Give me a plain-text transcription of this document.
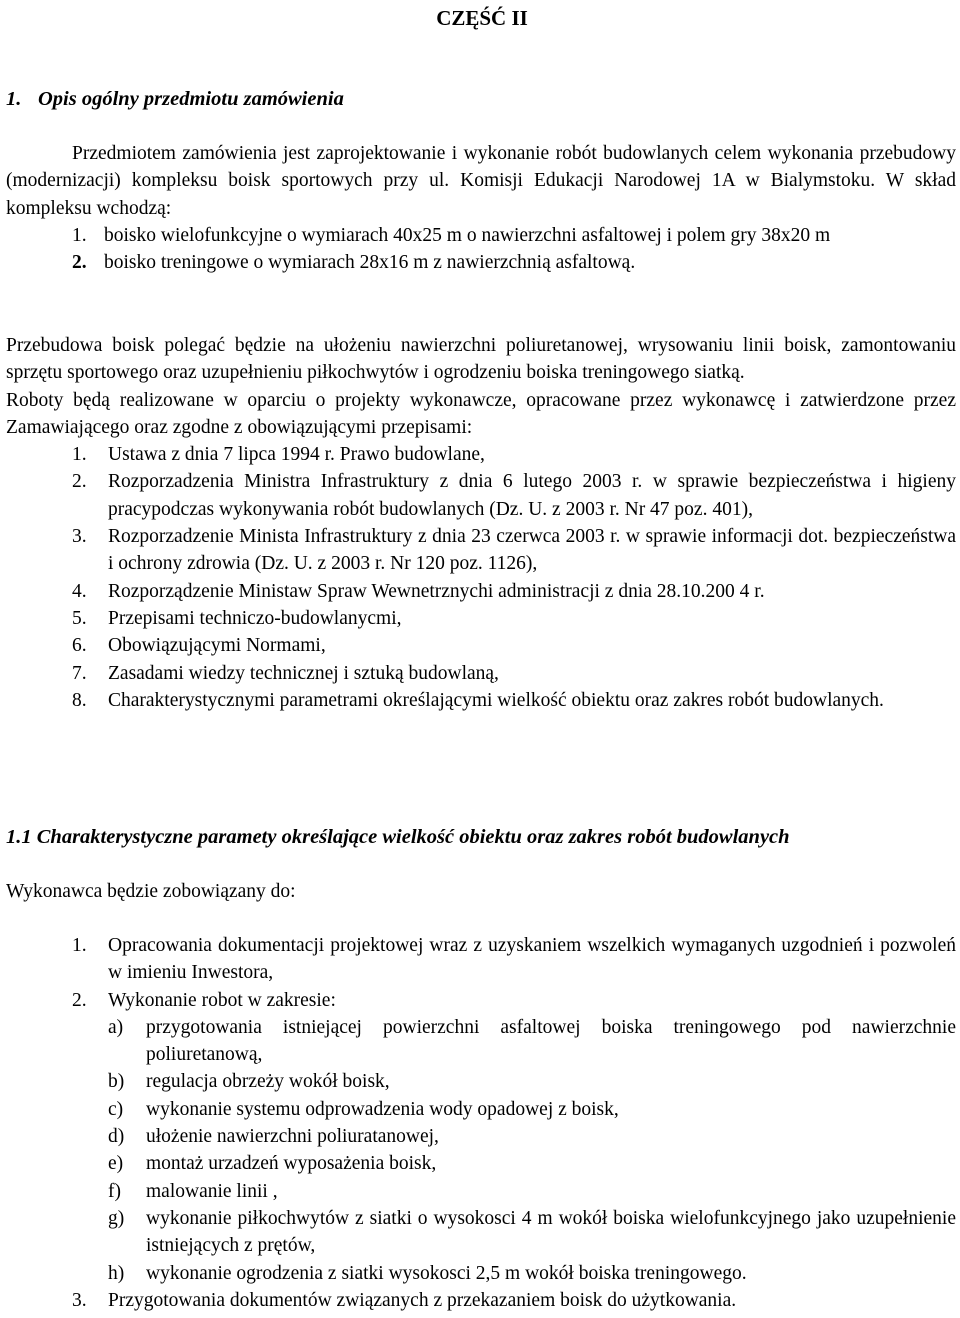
CZĘŚĆ II
1. Opis ogólny przedmiotu zamówienia

Przedmiotem zamówienia jest zaprojektowanie i wykonanie robót budowlanych celem wykonania przebudowy (modernizacji) kompleksu boisk sportowych przy ul. Komisji Edukacji Narodowej 1A w Bialymstoku. W skład kompleksu wchodzą:

1. boisko wielofunkcyjne o wymiarach 40x25 m o nawierzchni asfaltowej i polem gry 38x20 m
2. boisko treningowe o wymiarach 28x16 m z nawierzchnią asfaltową.

Przebudowa boisk polegać będzie na ułożeniu nawierzchni poliuretanowej, wrysowaniu linii boisk, zamontowaniu sprzętu sportowego oraz uzupełnieniu piłkochwytów i ogrodzeniu boiska treningowego siatką.

Roboty będą realizowane w oparciu o projekty wykonawcze, opracowane przez wykonawcę i zatwierdzone przez Zamawiającego oraz zgodne z obowiązującymi przepisami:

1.	Ustawa z dnia 7 lipca 1994 r. Prawo budowlane,
2.	Rozporzadzenia Ministra Infrastruktury z dnia 6 lutego 2003 r. w sprawie bezpieczeństwa i higieny pracypodczas wykonywania robót budowlanych (Dz. U. z 2003 r. Nr 47 poz. 401),
3.	Rozporzadzenie Minista Infrastruktury z dnia 23 czerwca 2003 r. w sprawie informacji dot. bezpieczeństwa i ochrony zdrowia (Dz. U. z 2003 r. Nr 120 poz. 1126),
4.	Rozporządzenie Ministaw Spraw Wewnetrznychi administracji z dnia 28.10.200 4 r.
5.	Przepisami techniczo-budowlanycmi,
6.	Obowiązującymi Normami,
7.	Zasadami wiedzy technicznej i sztuką budowlaną,
8.	Charakterystycznymi parametrami określającymi wielkość obiektu oraz zakres robót budowlanych.
1.1 Charakterystyczne paramety określające wielkość obiektu oraz zakres robót budowlanych

Wykonawca będzie zobowiązany do:

1.	Opracowania dokumentacji projektowej wraz z uzyskaniem wszelkich wymaganych uzgodnień i pozwoleń w imieniu Inwestora,
2.	Wykonanie robot w zakresie:
a)	przygotowania istniejącej powierzchni asfaltowej boiska treningowego pod nawierzchnie poliuretanową,
b)	regulacja obrzeży wokół boisk,
c)	wykonanie systemu odprowadzenia wody opadowej z boisk,
d)	ułożenie nawierzchni poliuratanowej,
e)	montaż urzadzeń wyposażenia boisk,
f)	malowanie linii ,
g)	wykonanie piłkochwytów z siatki o wysokosci 4 m wokół boiska wielofunkcyjnego jako uzupełnienie istniejących z prętów,
h)	wykonanie ogrodzenia z siatki wysokosci 2,5 m wokół boiska treningowego.
3.	Przygotowania dokumentów związanych z przekazaniem boisk do użytkowania.
